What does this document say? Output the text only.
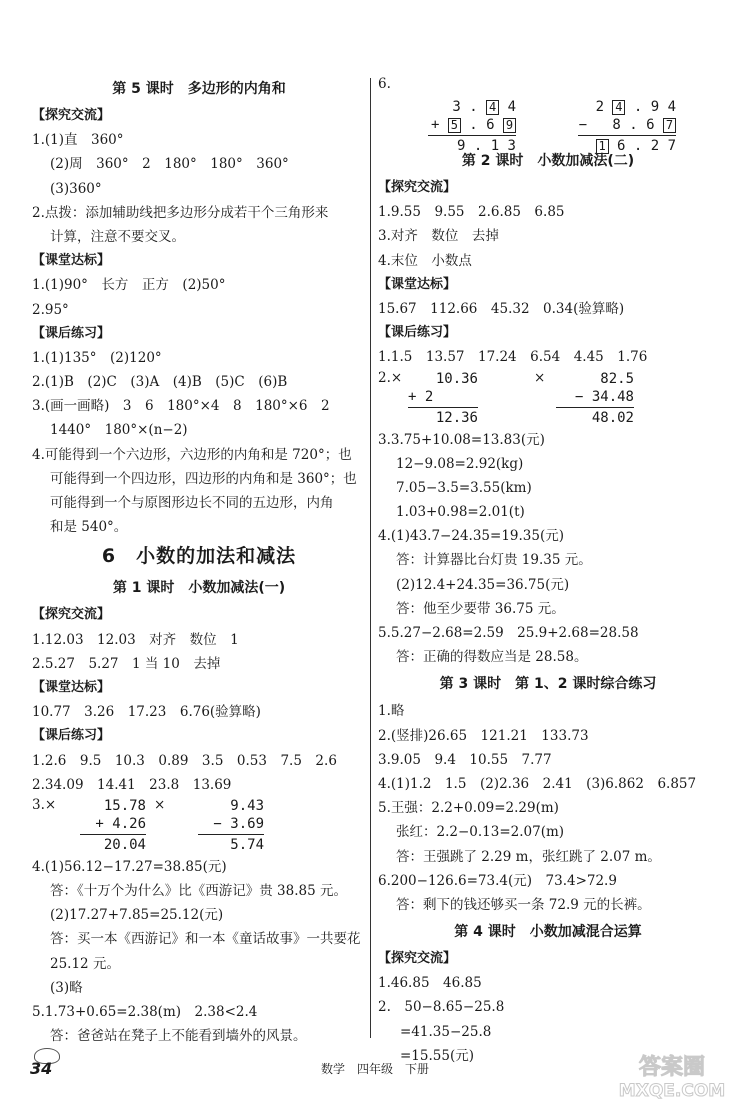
第 5 课时　多边形的内角和
【探究交流】
1.(1)直　360°
(2)周　360°　2　180°　180°　360°
(3)360°
2.点拨：添加辅助线把多边形分成若干个三角形来
计算，注意不要交叉。
【课堂达标】
1.(1)90°　长方　正方　(2)50°
2.95°
【课后练习】
1.(1)135°　(2)120°
2.(1)B　(2)C　(3)A　(4)B　(5)C　(6)B
3.(画一画略)　3　6　180°×4　8　180°×6　2
1440°　180°×(n−2)
4.可能得到一个六边形，六边形的内角和是 720°；也
可能得到一个四边形，四边形的内角和是 360°；也
可能得到一个与原图形边长不同的五边形，内角
和是 540°。
6　小数的加法和减法
第 1 课时　小数加减法(一)
【探究交流】
1.12.03　12.03　对齐　数位　1
2.5.27　5.27　1 当 10　去掉
【课堂达标】
10.77　3.26　17.23　6.76(验算略)
【课后练习】
1.2.6　9.5　10.3　0.89　3.5　0.53　7.5　2.6
2.34.09　14.41　23.8　13.69
3.×	15.78
+ 4.26
20.04
9.43
− 3.69
5.74
×
4.(1)56.12−17.27=38.85(元)
答：《十万个为什么》比《西游记》贵 38.85 元。
(2)17.27+7.85=25.12(元)
答：买一本《西游记》和一本《童话故事》一共要花
25.12 元。
(3)略
5.1.73+0.65=2.38(m)　2.38<2.4
答：爸爸站在凳子上不能看到墙外的风景。
6.
3 . 4 4
+ 5 . 6 9
9 . 1 3
2 4 . 9 4
−   8 . 6 7
1 6 . 2 7
第 2 课时　小数加减法(二)
【探究交流】
1.9.55　9.55　2.6.85　6.85
3.对齐　数位　去掉
4.末位　小数点
【课堂达标】
15.67　112.66　45.32　0.34(验算略)
【课后练习】
1.1.5　13.57　17.24　6.54　4.45　1.76
2.×	10.36
+ 2
12.36
×	82.5
− 34.48
48.02
3.3.75+10.08=13.83(元)
12−9.08=2.92(kg)
7.05−3.5=3.55(km)
1.03+0.98=2.01(t)
4.(1)43.7−24.35=19.35(元)
答：计算器比台灯贵 19.35 元。
(2)12.4+24.35=36.75(元)
答：他至少要带 36.75 元。
5.5.27−2.68=2.59　25.9+2.68=28.58
答：正确的得数应当是 28.58。
第 3 课时　第 1、2 课时综合练习
1.略
2.(竖排)26.65　121.21　133.73
3.9.05　9.4　10.55　7.77
4.(1)1.2　1.5　(2)2.36　2.41　(3)6.862　6.857
5.王强：2.2+0.09=2.29(m)
张红：2.2−0.13=2.07(m)
答：王强跳了 2.29 m，张红跳了 2.07 m。
6.200−126.6=73.4(元)　73.4>72.9
答：剩下的钱还够买一条 72.9 元的长裤。
第 4 课时　小数加减混合运算
【探究交流】
1.46.85　46.85
2.　50−8.65−25.8
=41.35−25.8
=15.55(元)
34	数学　四年级　下册	答案圈
MXQE.COM
